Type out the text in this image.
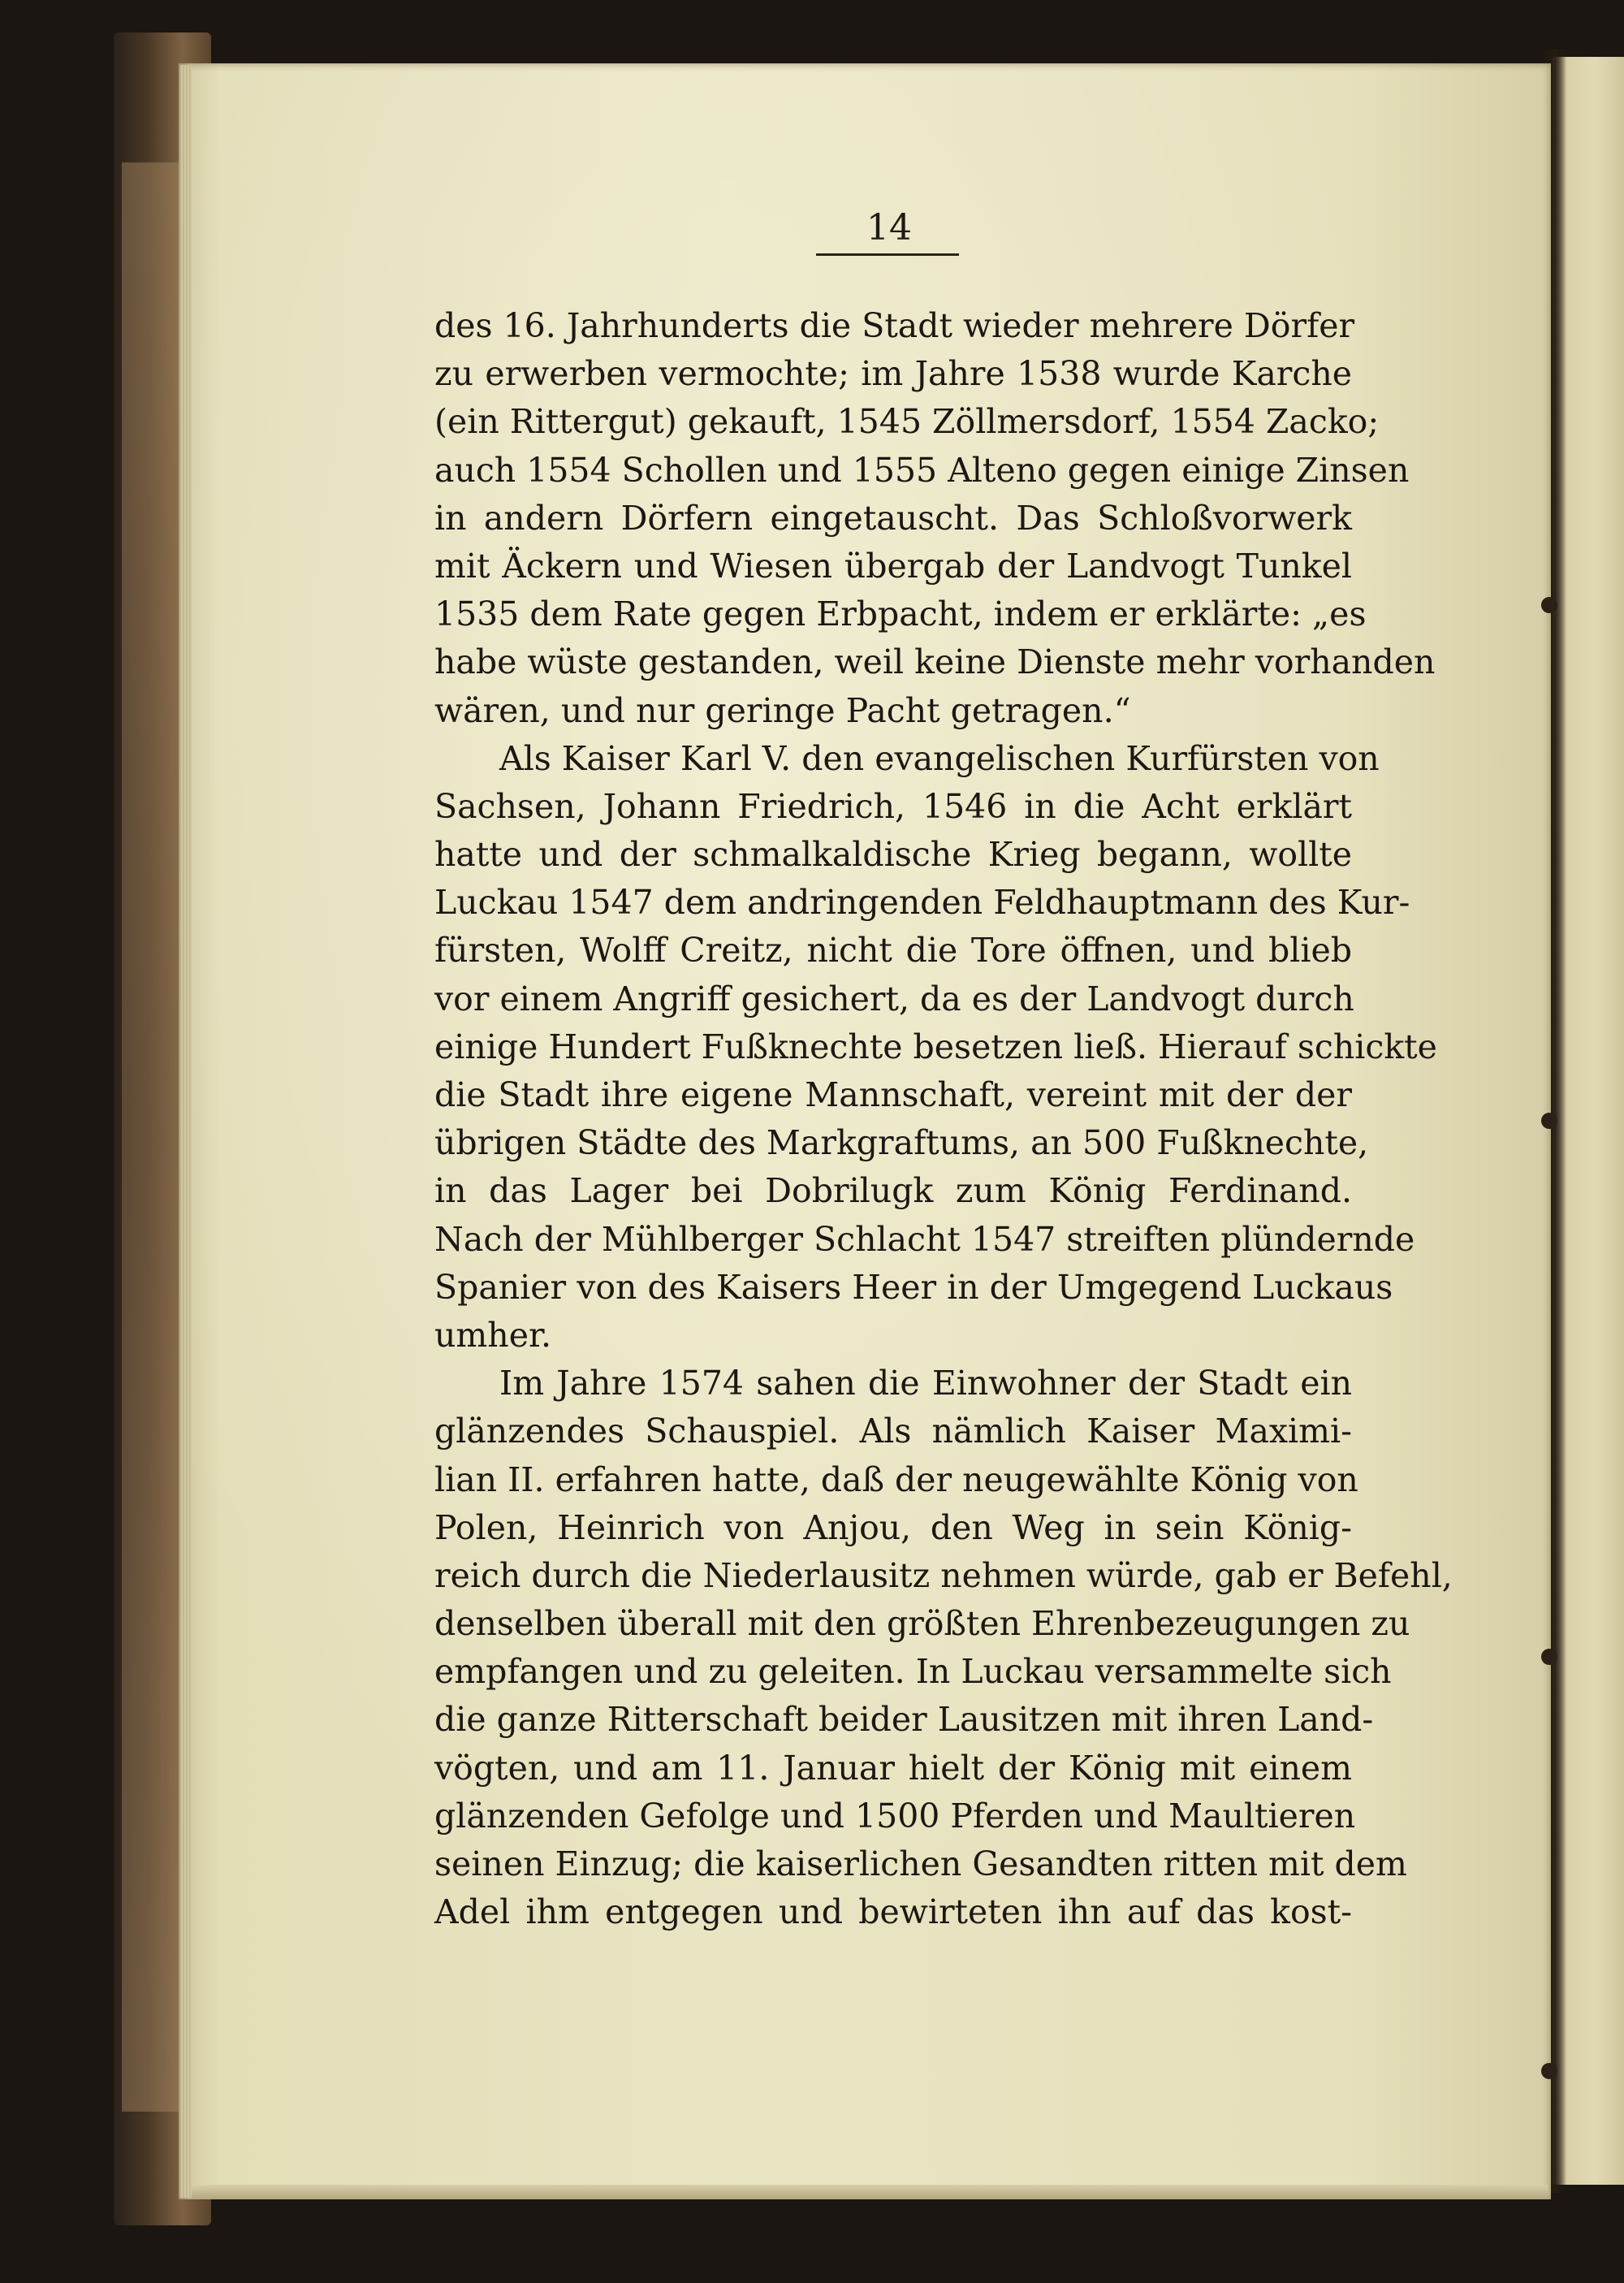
14
des 16. Jahrhunderts die Stadt wieder mehrere Dörfer
zu erwerben vermochte; im Jahre 1538 wurde Karche
(ein Rittergut) gekauft, 1545 Zöllmersdorf, 1554 Zacko;
auch 1554 Schollen und 1555 Alteno gegen einige Zinsen
in andern Dörfern eingetauscht. Das Schloßvorwerk
mit Äckern und Wiesen übergab der Landvogt Tunkel
1535 dem Rate gegen Erbpacht, indem er erklärte: „es
habe wüste gestanden, weil keine Dienste mehr vorhanden
wären, und nur geringe Pacht getragen.“
Als Kaiser Karl V. den evangelischen Kurfürsten von
Sachsen, Johann Friedrich, 1546 in die Acht erklärt
hatte und der schmalkaldische Krieg begann, wollte
Luckau 1547 dem andringenden Feldhauptmann des Kur-
fürsten, Wolff Creitz, nicht die Tore öffnen, und blieb
vor einem Angriff gesichert, da es der Landvogt durch
einige Hundert Fußknechte besetzen ließ. Hierauf schickte
die Stadt ihre eigene Mannschaft, vereint mit der der
übrigen Städte des Markgraftums, an 500 Fußknechte,
in das Lager bei Dobrilugk zum König Ferdinand.
Nach der Mühlberger Schlacht 1547 streiften plündernde
Spanier von des Kaisers Heer in der Umgegend Luckaus
umher.
Im Jahre 1574 sahen die Einwohner der Stadt ein
glänzendes Schauspiel. Als nämlich Kaiser Maximi-
lian II. erfahren hatte, daß der neugewählte König von
Polen, Heinrich von Anjou, den Weg in sein König-
reich durch die Niederlausitz nehmen würde, gab er Befehl,
denselben überall mit den größten Ehrenbezeugungen zu
empfangen und zu geleiten. In Luckau versammelte sich
die ganze Ritterschaft beider Lausitzen mit ihren Land-
vögten, und am 11. Januar hielt der König mit einem
glänzenden Gefolge und 1500 Pferden und Maultieren
seinen Einzug; die kaiserlichen Gesandten ritten mit dem
Adel ihm entgegen und bewirteten ihn auf das kost-
